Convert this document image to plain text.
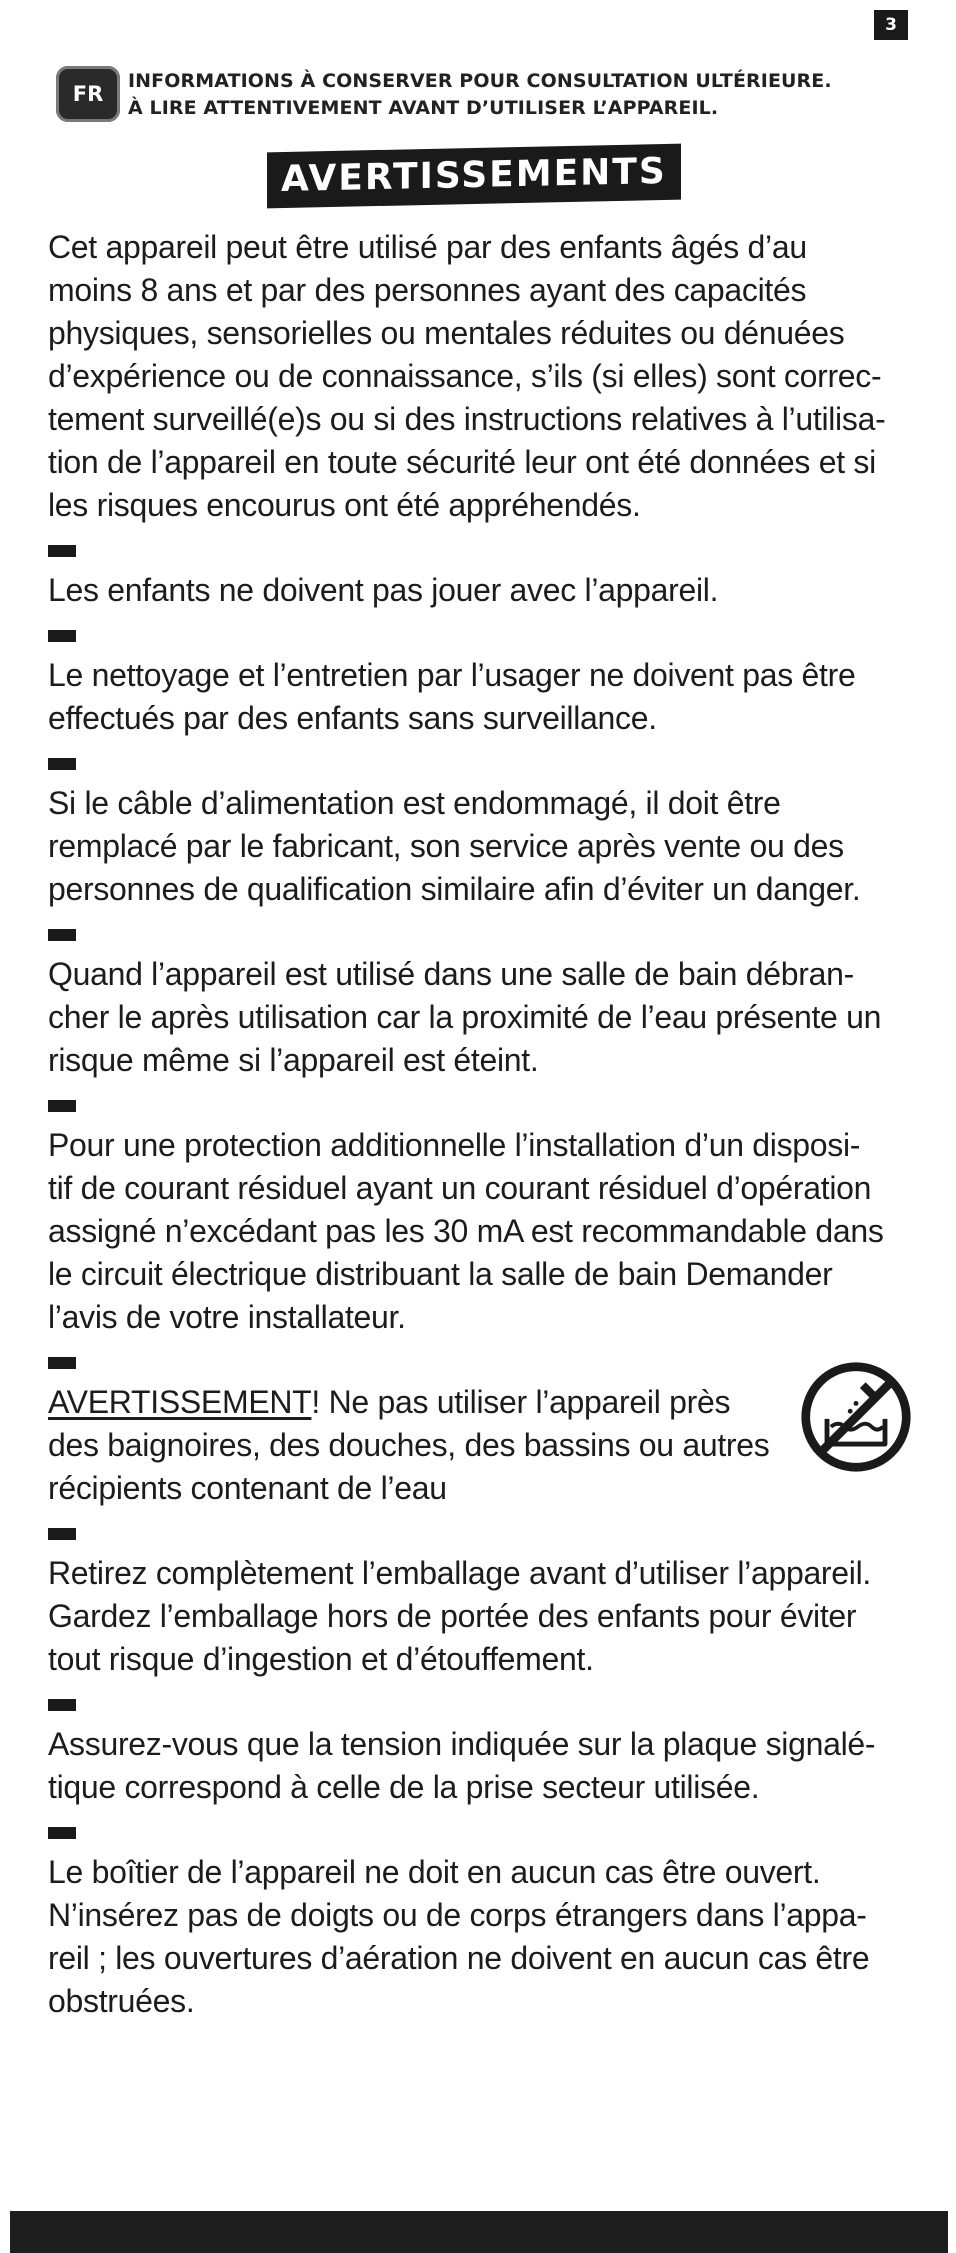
3
FR
INFORMATIONS À CONSERVER POUR CONSULTATION ULTÉRIEURE.
À LIRE ATTENTIVEMENT AVANT D’UTILISER L’APPAREIL.
AVERTISSEMENTS

Cet appareil peut être utilisé par des enfants âgés d’au
moins 8 ans et par des personnes ayant des capacités
physiques, sensorielles ou mentales réduites ou dénuées
d’expérience ou de connaissance, s’ils (si elles) sont correc-
tement surveillé(e)s ou si des instructions relatives à l’utilisa-
tion de l’appareil en toute sécurité leur ont été données et si
les risques encourus ont été appréhendés.

Les enfants ne doivent pas jouer avec l’appareil.

Le nettoyage et l’entretien par l’usager ne doivent pas être
effectués par des enfants sans surveillance.

Si le câble d’alimentation est endommagé, il doit être
remplacé par le fabricant, son service après vente ou des
personnes de qualification similaire afin d’éviter un danger.

Quand l’appareil est utilisé dans une salle de bain débran-
cher le après utilisation car la proximité de l’eau présente un
risque même si l’appareil est éteint.

Pour une protection additionnelle l’installation d’un disposi-
tif de courant résiduel ayant un courant résiduel d’opération
assigné n’excédant pas les 30 mA est recommandable dans
le circuit électrique distribuant la salle de bain Demander
l’avis de votre installateur.

AVERTISSEMENT! Ne pas utiliser l’appareil près
des baignoires, des douches, des bassins ou autres
récipients contenant de l’eau

Retirez complètement l’emballage avant d’utiliser l’appareil.
Gardez l’emballage hors de portée des enfants pour éviter
tout risque d’ingestion et d’étouffement.

Assurez-vous que la tension indiquée sur la plaque signalé-
tique correspond à celle de la prise secteur utilisée.

Le boîtier de l’appareil ne doit en aucun cas être ouvert.
N’insérez pas de doigts ou de corps étrangers dans l’appa-
reil ; les ouvertures d’aération ne doivent en aucun cas être
obstruées.
